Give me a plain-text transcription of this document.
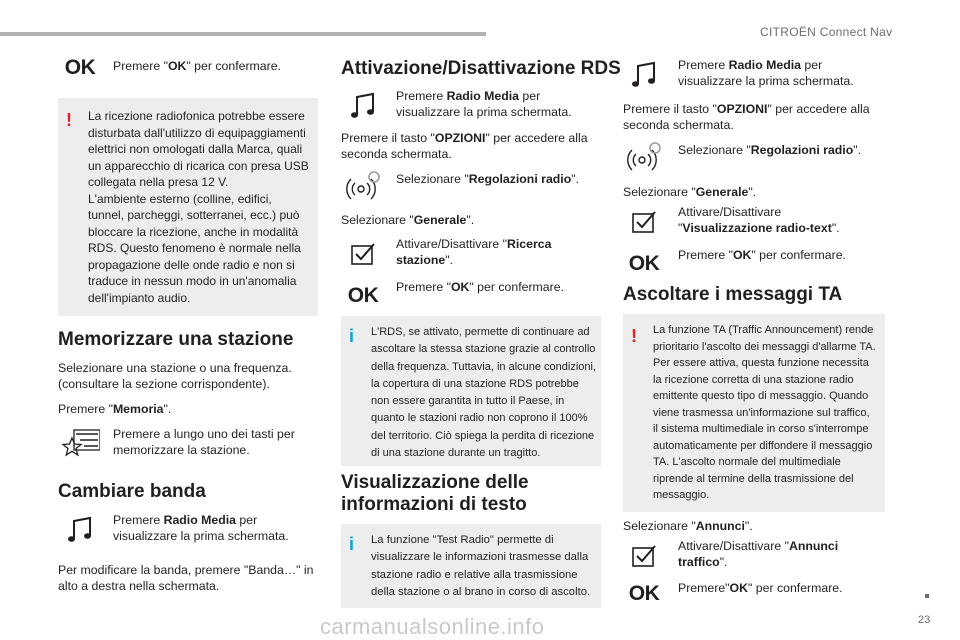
CITROËN Connect Nav
OK Premere "OK" per confermare.
! La ricezione radiofonica potrebbe essere
disturbata dall'utilizzo di equipaggiamenti
elettrici non omologati dalla Marca, quali
un apparecchio di ricarica con presa USB
collegata nella presa 12 V.
L'ambiente esterno (colline, edifici,
tunnel, parcheggi, sotterranei, ecc.) può
bloccare la ricezione, anche in modalità
RDS. Questo fenomeno è normale nella
propagazione delle onde radio e non si
traduce in nessun modo in un'anomalia
dell'impianto audio.
Memorizzare una stazione
Selezionare una stazione o una frequenza.
(consultare la sezione corrispondente).
Premere "Memoria".
Premere a lungo uno dei tasti per
memorizzare la stazione.
Cambiare banda
Premere Radio Media per
visualizzare la prima schermata.
Per modificare la banda, premere "Banda…" in
alto a destra nella schermata.
Attivazione/Disattivazione RDS
Premere Radio Media per
visualizzare la prima schermata.
Premere il tasto "OPZIONI" per accedere alla
seconda schermata.
Selezionare "Regolazioni radio".
Selezionare "Generale".
Attivare/Disattivare "Ricerca
stazione".
OK Premere "OK" per confermare.
i L'RDS, se attivato, permette di continuare ad
ascoltare la stessa stazione grazie al controllo
della frequenza. Tuttavia, in alcune condizioni,
la copertura di una stazione RDS potrebbe
non essere garantita in tutto il Paese, in
quanto le stazioni radio non coprono il 100%
del territorio. Ciò spiega la perdita di ricezione
di una stazione durante un tragitto.
Visualizzazione delle
informazioni di testo
i La funzione "Test Radio" permette di
visualizzare le informazioni trasmesse dalla
stazione radio e relative alla trasmissione
della stazione o al brano in corso di ascolto.
Premere Radio Media per
visualizzare la prima schermata.
Premere il tasto "OPZIONI" per accedere alla
seconda schermata.
Selezionare "Regolazioni radio".
Selezionare "Generale".
Attivare/Disattivare
"Visualizzazione radio-text".
OK Premere "OK" per confermare.
Ascoltare i messaggi TA
! La funzione TA (Traffic Announcement) rende
prioritario l'ascolto dei messaggi d'allarme TA.
Per essere attiva, questa funzione necessita
la ricezione corretta di una stazione radio
emittente questo tipo di messaggio. Quando
viene trasmessa un'informazione sul traffico,
il sistema multimediale in corso s'interrompe
automaticamente per diffondere il messaggio
TA. L'ascolto normale del multimediale
riprende al termine della trasmissione del
messaggio.
Selezionare "Annunci".
Attivare/Disattivare "Annunci
traffico".
OK Premere"OK" per confermare.
carmanualsonline.info	23
